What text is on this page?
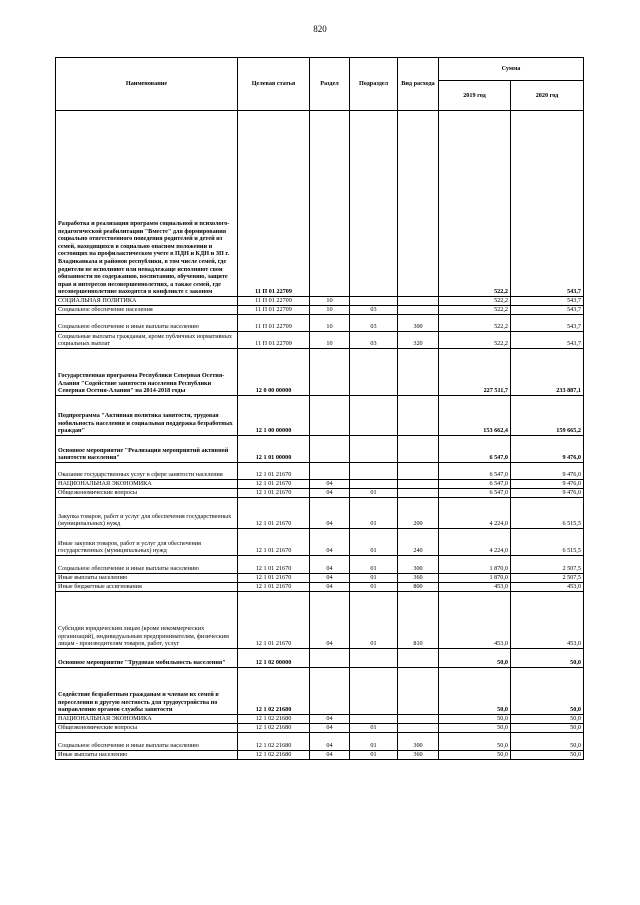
820
Наименование	Целевая статья	Раздел	Подраздел	Вид расхода	Сумма	
					2019 год	2020 год
Разработка и реализация программ социальной и психолого-педагогической реабилитации "Вместе" для формирования социально ответственного поведения родителей и детей из семей, находящихся в социально опасном положении и состоящих на профилактическом учете в ПДН и КДН и ЗП г. Владикавказа и районов республики, в том числе семей, где родители не исполняют или ненадлежаще исполняют свои обязанности по содержанию, воспитанию, обучению, защите прав и интересов несовершеннолетних, а также семей, где несовершеннолетние находятся в конфликте с законом	11 П 01 22709				522,2	543,7
СОЦИАЛЬНАЯ ПОЛИТИКА	11 П 01 22709	10			522,2	543,7
Социальное обеспечение населения	11 П 01 22709	10	03		522,2	543,7
Социальное обеспечение и иные выплаты населению	11 П 01 22709	10	03	300	522,2	543,7
Социальные выплаты гражданам, кроме публичных нормативных социальных выплат	11 П 01 22709	10	03	320	522,2	543,7
Государственная программа Республики Северная Осетия-Алания "Содействие занятости населения Республики Северная Осетия-Алания" на 2014-2018 годы	12 0 00 00000				227 511,7	233 887,1
Подпрограмма "Активная политика занятости, трудовая мобильность населения и социальная поддержка безработных граждан"	12 1 00 00000				153 662,4	159 665,2
Основное мероприятие "Реализация мероприятий активной занятости населения"	12 1 01 00000				6 547,0	9 476,0
Оказание государственных услуг в сфере занятости населения	12 1 01 21670				6 547,0	9 476,0
НАЦИОНАЛЬНАЯ ЭКОНОМИКА	12 1 01 21670	04			6 547,0	9 476,0
Общеэкономические вопросы	12 1 01 21670	04	01		6 547,0	9 476,0
Закупка товаров, работ и услуг для обеспечения государственных (муниципальных) нужд	12 1 01 21670	04	01	200	4 224,0	6 515,5
Иные закупки товаров, работ и услуг для обеспечения государственных (муниципальных) нужд	12 1 01 21670	04	01	240	4 224,0	6 515,5
Социальное обеспечение и иные выплаты населению	12 1 01 21670	04	01	300	1 870,0	2 507,5
Иные выплаты населению	12 1 01 21670	04	01	360	1 870,0	2 507,5
Иные бюджетные ассигнования	12 1 01 21670	04	01	800	453,0	453,0
Субсидии юридическим лицам (кроме некоммерческих организаций), индивидуальным предпринимателям, физическим лицам - производителям товаров, работ, услуг	12 1 01 21670	04	01	810	453,0	453,0
Основное мероприятие "Трудовая мобильность населения"	12 1 02 00000				50,0	50,0
Содействие безработным гражданам и членам их семей в переселении в другую местность для трудоустройства по направлению органов службы занятости	12 1 02 21680				50,0	50,0
НАЦИОНАЛЬНАЯ ЭКОНОМИКА	12 1 02 21680	04			50,0	50,0
Общеэкономические вопросы	12 1 02 21680	04	01		50,0	50,0
Социальное обеспечение и иные выплаты населению	12 1 02 21680	04	01	300	50,0	50,0
Иные выплаты населению	12 1 02 21680	04	01	360	50,0	50,0
